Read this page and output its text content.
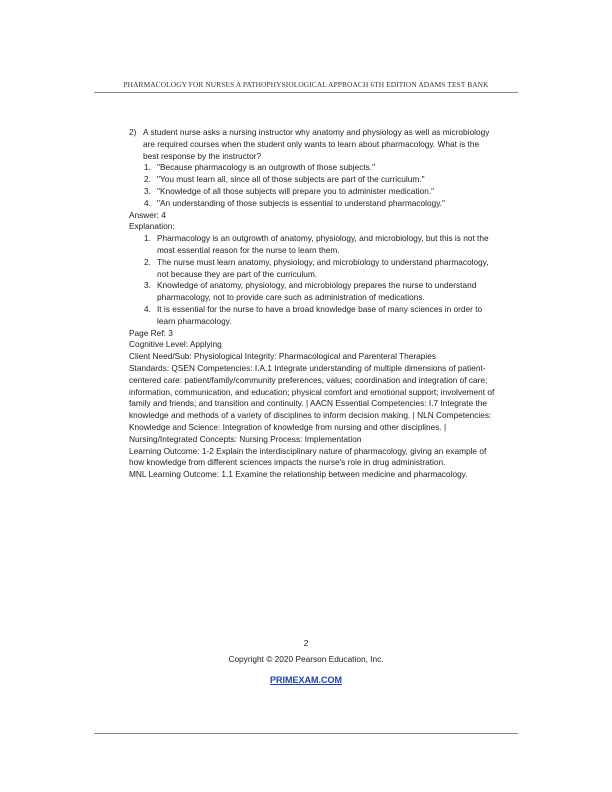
PHARMACOLOGY FOR NURSES A PATHOPHYSIOLOGICAL APPROACH 6TH EDITION ADAMS TEST BANK
2) A student nurse asks a nursing instructor why anatomy and physiology as well as microbiology are required courses when the student only wants to learn about pharmacology. What is the best response by the instructor?
1. "Because pharmacology is an outgrowth of those subjects."
2. "You must learn all, since all of those subjects are part of the curriculum."
3. "Knowledge of all those subjects will prepare you to administer medication."
4. "An understanding of those subjects is essential to understand pharmacology."
Answer: 4
Explanation:
1. Pharmacology is an outgrowth of anatomy, physiology, and microbiology, but this is not the most essential reason for the nurse to learn them.
2. The nurse must learn anatomy, physiology, and microbiology to understand pharmacology, not because they are part of the curriculum.
3. Knowledge of anatomy, physiology, and microbiology prepares the nurse to understand pharmacology, not to provide care such as administration of medications.
4. It is essential for the nurse to have a broad knowledge base of many sciences in order to learn pharmacology.
Page Ref: 3
Cognitive Level: Applying
Client Need/Sub: Physiological Integrity: Pharmacological and Parenteral Therapies
Standards: QSEN Competencies: I.A.1 Integrate understanding of multiple dimensions of patient-centered care: patient/family/community preferences, values; coordination and integration of care; information, communication, and education; physical comfort and emotional support; involvement of family and friends; and transition and continuity. | AACN Essential Competencies: I.7 Integrate the knowledge and methods of a variety of disciplines to inform decision making. | NLN Competencies: Knowledge and Science: Integration of knowledge from nursing and other disciplines. | Nursing/Integrated Concepts: Nursing Process: Implementation
Learning Outcome: 1-2 Explain the interdisciplinary nature of pharmacology, giving an example of how knowledge from different sciences impacts the nurse's role in drug administration.
MNL Learning Outcome: 1.1 Examine the relationship between medicine and pharmacology.
2
Copyright © 2020 Pearson Education, Inc.
PRIMEXAM.COM
